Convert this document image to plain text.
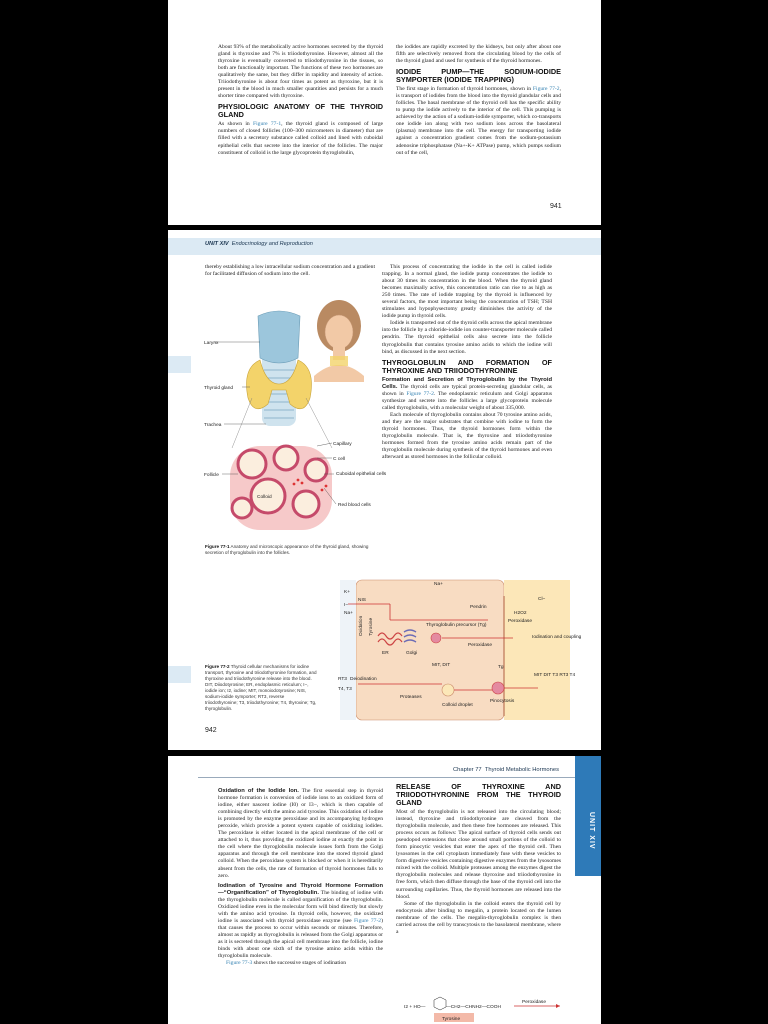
About 93% of the metabolically active hormones secreted by the thyroid gland is thyroxine and 7% is triiodothyronine. However, almost all the thyroxine is eventually converted to triiodothyronine in the tissues, so both are functionally important. The functions of these two hormones are qualitatively the same, but they differ in rapidity and intensity of action. Triiodothyronine is about four times as potent as thyroxine, but it is present in the blood in much smaller quantities and persists for a much shorter time compared with thyroxine.

PHYSIOLOGIC ANATOMY OF THE THYROID GLAND

As shown in Figure 77-1, the thyroid gland is composed of large numbers of closed follicles (100–300 micrometers in diameter) that are filled with a secretory substance called colloid and lined with cuboidal epithelial cells that secrete into the interior of the follicles. The major constituent of colloid is the large glycoprotein thyroglobulin,

the iodides are rapidly excreted by the kidneys, but only after about one fifth are selectively removed from the circulating blood by the cells of the thyroid gland and used for synthesis of the thyroid hormones.

IODIDE PUMP—THE SODIUM-IODIDE SYMPORTER (IODIDE TRAPPING)

The first stage in formation of thyroid hormones, shown in Figure 77-2, is transport of iodides from the blood into the thyroid glandular cells and follicles. The basal membrane of the thyroid cell has the specific ability to pump the iodide actively to the interior of the cell. This pumping is achieved by the action of a sodium-iodide symporter, which co-transports one iodide ion along with two sodium ions across the basolateral (plasma) membrane into the cell. The energy for transporting iodide against a concentration gradient comes from the sodium-potassium adenosine triphosphatase (Na+-K+ ATPase) pump, which pumps sodium out of the cell,

941
UNIT XIV Endocrinology and Reproduction

thereby establishing a low intracellular sodium concentration and a gradient for facilitated diffusion of sodium into the cell.

Larynx
Thyroid gland
Trachea
Colloid
Capillary
C cell
Cuboidal epithelial cells
Follicle
Red blood cells
Figure 77-1 Anatomy and microscopic appearance of the thyroid gland, showing secretion of thyroglobulin into the follicles.

This process of concentrating the iodide in the cell is called iodide trapping. In a normal gland, the iodide pump concentrates the iodide to about 30 times its concentration in the blood. When the thyroid gland becomes maximally active, this concentration ratio can rise to as high as 250 times. The rate of iodide trapping by the thyroid is influenced by several factors, the most important being the concentration of TSH; TSH stimulates and hypophysectomy greatly diminishes the activity of the iodide pump in thyroid cells.

Iodide is transported out of the thyroid cells across the apical membrane into the follicle by a chloride-iodide ion counter-transporter molecule called pendrin. The thyroid epithelial cells also secrete into the follicle thyroglobulin that contains tyrosine amino acids to which the iodine will bind, as discussed in the next section.

THYROGLOBULIN AND FORMATION OF THYROXINE AND TRIIODOTHYRONINE

Formation and Secretion of Thyroglobulin by the Thyroid Cells. The thyroid cells are typical protein-secreting glandular cells, as shown in Figure 77-2. The endoplasmic reticulum and Golgi apparatus synthesize and secrete into the follicles a large glycoprotein molecule called thyroglobulin, with a molecular weight of about 335,000.

Each molecule of thyroglobulin contains about 70 tyrosine amino acids, and they are the major substrates that combine with iodine to form the thyroid hormones. Thus, the thyroid hormones form within the thyroglobulin molecule. That is, the thyroxine and triiodothyronine hormones formed from the tyrosine amino acids remain part of the thyroglobulin molecule during synthesis of the thyroid hormones and even afterward as stored hormones in the follicular colloid.

Na+
K+
NIS
I−
Na+
Cl−
Pendrin
H2O2
Peroxidase
Thyroglobulin precursor (Tg)
ER	Golgi
Oxidation Tyrosine
Iodination and coupling
Peroxidase
MIT, DIT	Tg
RT3 Deiodination
T4, T3
Proteases
Colloid droplet
Pinocytosis
MIT DIT T3 RT3 T4
Figure 77-2 Thyroid cellular mechanisms for iodine transport, thyroxine and triiodothyronine formation, and thyroxine and triiodothyronine release into the blood. DIT, Diiodotyrosine; ER, endoplasmic reticulum; I−, iodide ion; I2, iodine; MIT, monoiodotyrosine; NIS, sodium-iodide symporter; RT3, reverse triiodothyronine; T3, triiodothyronine; T4, thyroxine; Tg, thyroglobulin.
942
Chapter 77 Thyroid Metabolic Hormones
UNIT XIV

Oxidation of the Iodide Ion. The first essential step in thyroid hormone formation is conversion of iodide ions to an oxidized form of iodine, either nascent iodine (I0) or I3−, which is then capable of combining directly with the amino acid tyrosine. This oxidation of iodine is promoted by the enzyme peroxidase and its accompanying hydrogen peroxide, which provide a potent system capable of oxidizing iodides. The peroxidase is either located in the apical membrane of the cell or attached to it, thus providing the oxidized iodine at exactly the point in the cell where the thyroglobulin molecule issues forth from the Golgi apparatus and through the cell membrane into the stored thyroid gland colloid. When the peroxidase system is blocked or when it is hereditarily absent from the cells, the rate of formation of thyroid hormones falls to zero.

Iodination of Tyrosine and Thyroid Hormone Formation—“Organification” of Thyroglobulin. The binding of iodine with the thyroglobulin molecule is called organification of the thyroglobulin. Oxidized iodine even in the molecular form will bind directly but slowly with the amino acid tyrosine. In thyroid cells, however, the oxidized iodine is associated with thyroid peroxidase enzyme (see Figure 77-2) that causes the process to occur within seconds or minutes. Therefore, almost as rapidly as thyroglobulin is released from the Golgi apparatus or as it is secreted through the apical cell membrane into the follicle, iodine binds with about one sixth of the tyrosine amino acids within the thyroglobulin molecule.

Figure 77-3 shows the successive stages of iodination

RELEASE OF THYROXINE AND TRIIODOTHYRONINE FROM THE THYROID GLAND

Most of the thyroglobulin is not released into the circulating blood; instead, thyroxine and triiodothyronine are cleaved from the thyroglobulin molecule, and then these free hormones are released. This process occurs as follows: The apical surface of thyroid cells sends out pseudopod extensions that close around small portions of the colloid to form pinocytic vesicles that enter the apex of the thyroid cell. Then lysosomes in the cell cytoplasm immediately fuse with these vesicles to form digestive vesicles containing digestive enzymes from the lysosomes mixed with the colloid. Multiple proteases among the enzymes digest the thyroglobulin molecules and release thyroxine and triiodothyronine in free form, which then diffuse through the base of the thyroid cell into the surrounding capillaries. Thus, the thyroid hormones are released into the blood.

Some of the thyroglobulin in the colloid enters the thyroid cell by endocytosis after binding to megalin, a protein located on the lumen membrane of the cells. The megalin-thyroglobulin complex is then carried across the cell by transcytosis to the basolateral membrane, where a

I2 + HO—	—CH2—CHNH2—COOH
Peroxidase
Tyrosine
